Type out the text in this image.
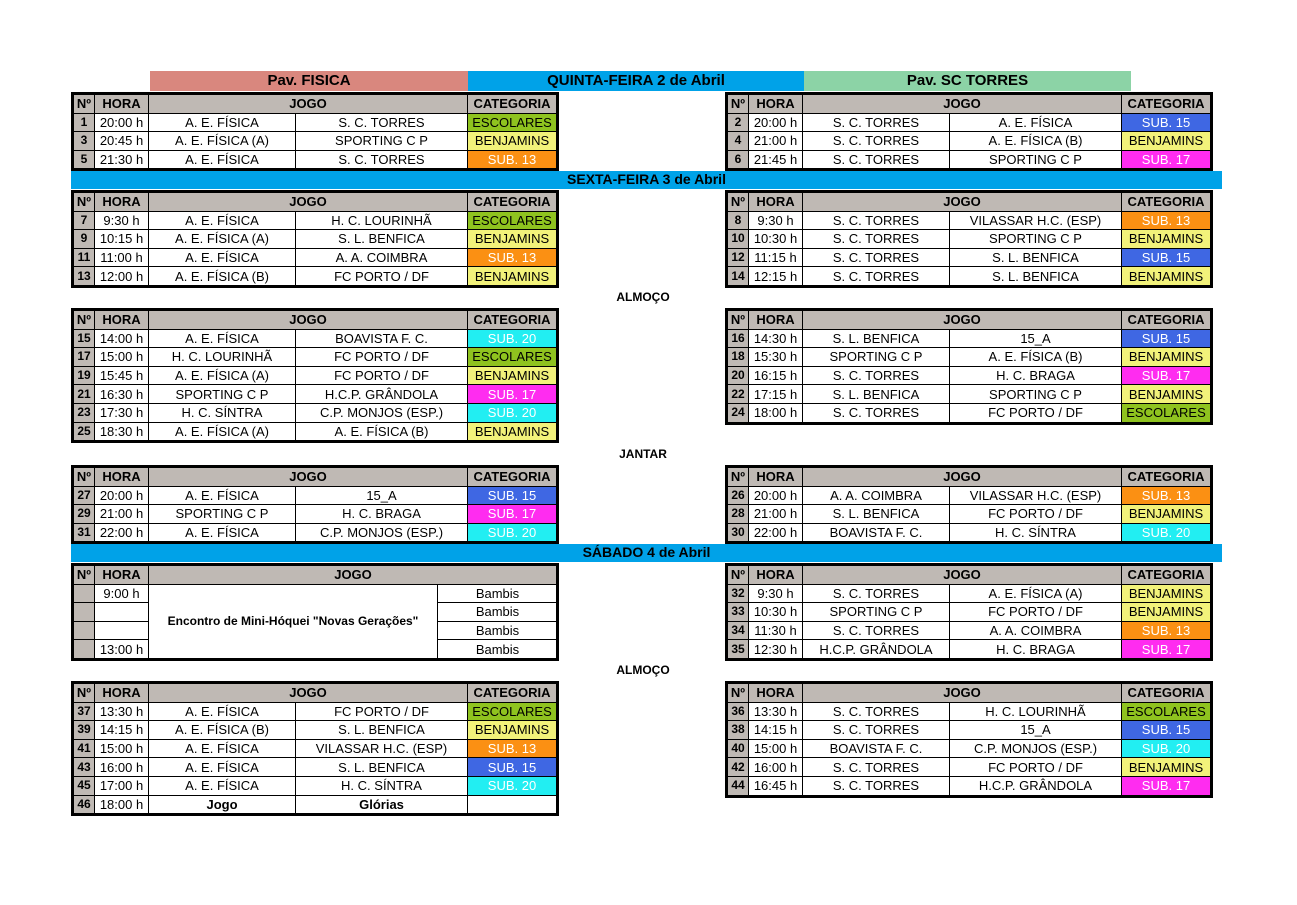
Pav. FISICA	QUINTA-FEIRA 2 de Abril	Pav. SC TORRES
SEXTA-FEIRA 3 de Abril
SÁBADO 4 de Abril
ALMOÇO
JANTAR
ALMOÇO
Nº	HORA	JOGO		CATEGORIA
1	20:00 h	A. E. FÍSICA	S. C. TORRES	ESCOLARES
3	20:45 h	A. E. FÍSICA (A)	SPORTING C P	BENJAMINS
5	21:30 h	A. E. FÍSICA	S. C. TORRES	SUB. 13
Nº	HORA	JOGO		CATEGORIA
2	20:00 h	S. C. TORRES	A. E. FÍSICA	SUB. 15
4	21:00 h	S. C. TORRES	A. E. FÍSICA (B)	BENJAMINS
6	21:45 h	S. C. TORRES	SPORTING C P	SUB. 17
Nº	HORA	JOGO		CATEGORIA
7	9:30 h	A. E. FÍSICA	H. C. LOURINHÃ	ESCOLARES
9	10:15 h	A. E. FÍSICA (A)	S. L. BENFICA	BENJAMINS
11	11:00 h	A. E. FÍSICA	A. A. COIMBRA	SUB. 13
13	12:00 h	A. E. FÍSICA (B)	FC PORTO / DF	BENJAMINS
Nº	HORA	JOGO		CATEGORIA
8	9:30 h	S. C. TORRES	VILASSAR H.C. (ESP)	SUB. 13
10	10:30 h	S. C. TORRES	SPORTING C P	BENJAMINS
12	11:15 h	S. C. TORRES	S. L. BENFICA	SUB. 15
14	12:15 h	S. C. TORRES	S. L. BENFICA	BENJAMINS
Nº	HORA	JOGO		CATEGORIA
15	14:00 h	A. E. FÍSICA	BOAVISTA F. C.	SUB. 20
17	15:00 h	H. C. LOURINHÃ	FC PORTO / DF	ESCOLARES
19	15:45 h	A. E. FÍSICA (A)	FC PORTO / DF	BENJAMINS
21	16:30 h	SPORTING C P	H.C.P. GRÂNDOLA	SUB. 17
23	17:30 h	H. C. SÍNTRA	C.P. MONJOS (ESP.)	SUB. 20
25	18:30 h	A. E. FÍSICA (A)	A. E. FÍSICA (B)	BENJAMINS
Nº	HORA	JOGO		CATEGORIA
16	14:30 h	S. L. BENFICA	15_A	SUB. 15
18	15:30 h	SPORTING C P	A. E. FÍSICA (B)	BENJAMINS
20	16:15 h	S. C. TORRES	H. C. BRAGA	SUB. 17
22	17:15 h	S. L. BENFICA	SPORTING C P	BENJAMINS
24	18:00 h	S. C. TORRES	FC PORTO / DF	ESCOLARES
Nº	HORA	JOGO		CATEGORIA
27	20:00 h	A. E. FÍSICA	15_A	SUB. 15
29	21:00 h	SPORTING C P	H. C. BRAGA	SUB. 17
31	22:00 h	A. E. FÍSICA	C.P. MONJOS (ESP.)	SUB. 20
Nº	HORA	JOGO		CATEGORIA
26	20:00 h	A. A. COIMBRA	VILASSAR H.C. (ESP)	SUB. 13
28	21:00 h	S. L. BENFICA	FC PORTO / DF	BENJAMINS
30	22:00 h	BOAVISTA F. C.	H. C. SÍNTRA	SUB. 20
Nº	HORA	JOGO	
	9:00 h	Encontro de Mini-Hóquei "Novas Gerações"	Bambis	
			Bambis	
			Bambis	
	13:00 h		Bambis	
Nº	HORA	JOGO		CATEGORIA
32	9:30 h	S. C. TORRES	A. E. FÍSICA (A)	BENJAMINS
33	10:30 h	SPORTING C P	FC PORTO / DF	BENJAMINS
34	11:30 h	S. C. TORRES	A. A. COIMBRA	SUB. 13
35	12:30 h	H.C.P. GRÂNDOLA	H. C. BRAGA	SUB. 17
Nº	HORA	JOGO		CATEGORIA
37	13:30 h	A. E. FÍSICA	FC PORTO / DF	ESCOLARES
39	14:15 h	A. E. FÍSICA (B)	S. L. BENFICA	BENJAMINS
41	15:00 h	A. E. FÍSICA	VILASSAR H.C. (ESP)	SUB. 13
43	16:00 h	A. E. FÍSICA	S. L. BENFICA	SUB. 15
45	17:00 h	A. E. FÍSICA	H. C. SÍNTRA	SUB. 20
46	18:00 h	Jogo	Glórias	
Nº	HORA	JOGO		CATEGORIA
36	13:30 h	S. C. TORRES	H. C. LOURINHÃ	ESCOLARES
38	14:15 h	S. C. TORRES	15_A	SUB. 15
40	15:00 h	BOAVISTA F. C.	C.P. MONJOS (ESP.)	SUB. 20
42	16:00 h	S. C. TORRES	FC PORTO / DF	BENJAMINS
44	16:45 h	S. C. TORRES	H.C.P. GRÂNDOLA	SUB. 17
